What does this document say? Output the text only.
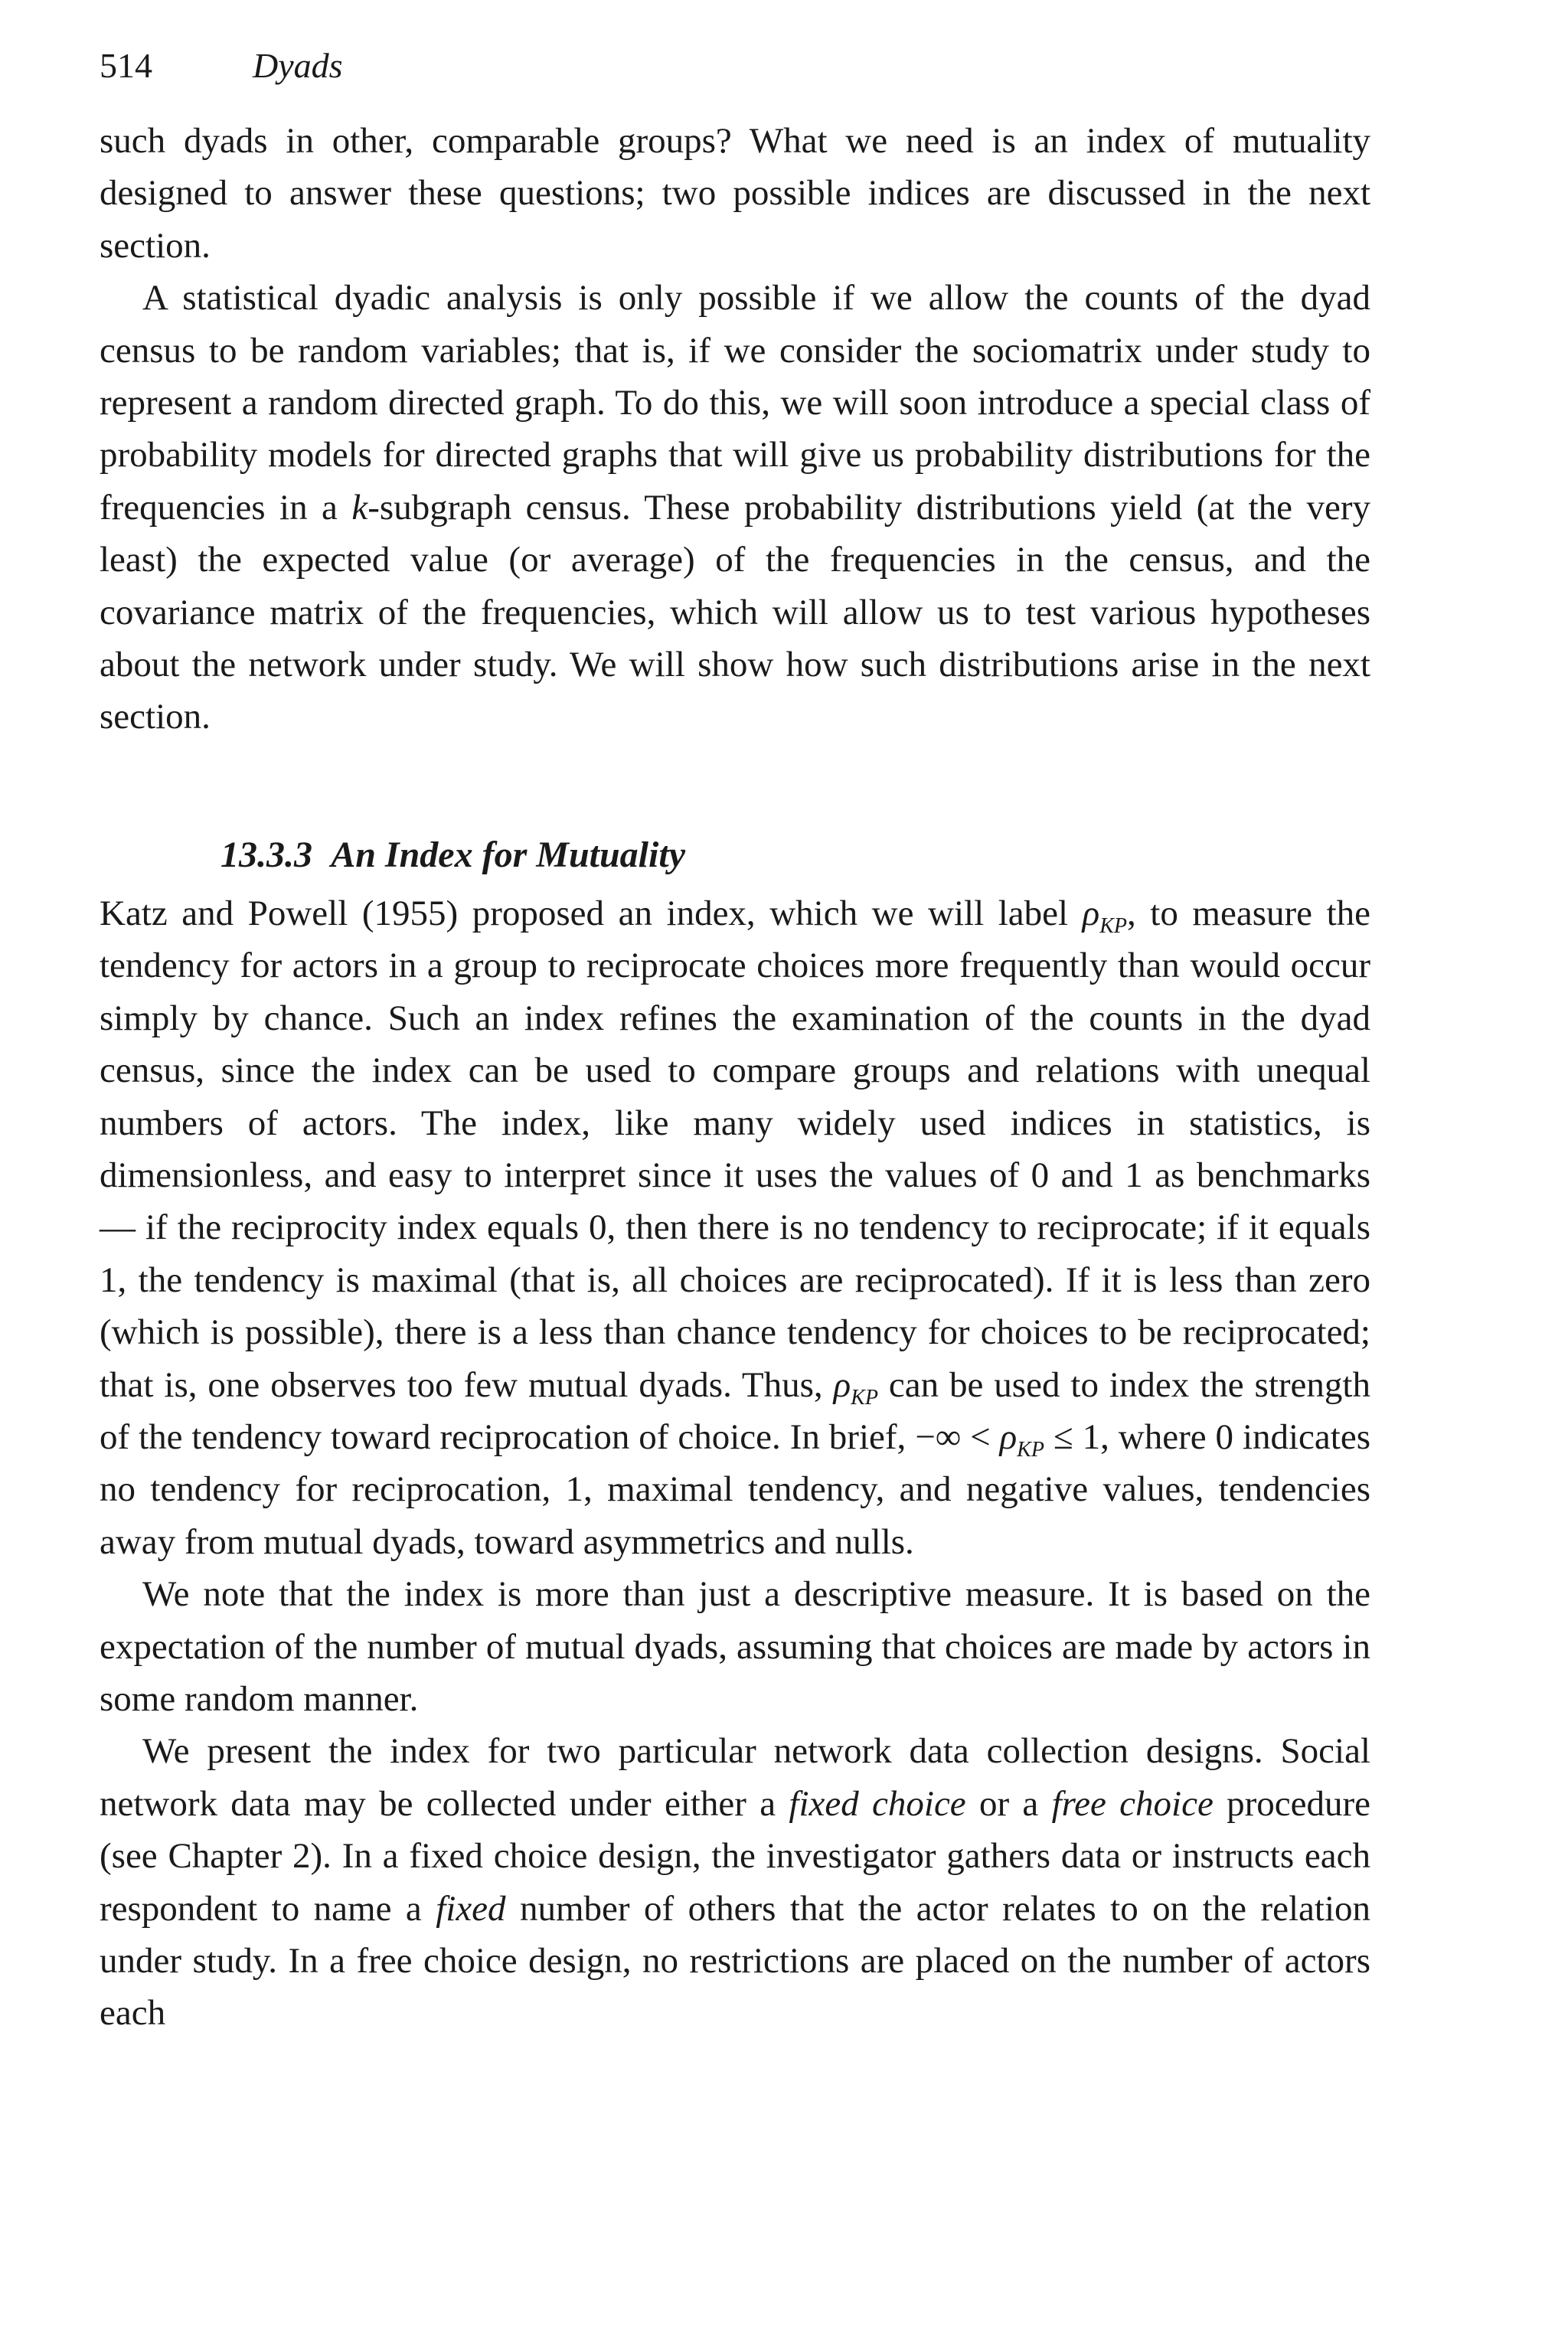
514	Dyads

such dyads in other, comparable groups? What we need is an index of mutuality designed to answer these questions; two possible indices are discussed in the next section.

A statistical dyadic analysis is only possible if we allow the counts of the dyad census to be random variables; that is, if we consider the sociomatrix under study to represent a random directed graph. To do this, we will soon introduce a special class of probability models for directed graphs that will give us probability distributions for the frequencies in a k-subgraph census. These probability distributions yield (at the very least) the expected value (or average) of the frequencies in the census, and the covariance matrix of the frequencies, which will allow us to test various hypotheses about the network under study. We will show how such distributions arise in the next section.

13.3.3 An Index for Mutuality

Katz and Powell (1955) proposed an index, which we will label $\rho_{KP}$, to measure the tendency for actors in a group to reciprocate choices more frequently than would occur simply by chance. Such an index refines the examination of the counts in the dyad census, since the index can be used to compare groups and relations with unequal numbers of actors. The index, like many widely used indices in statistics, is dimensionless, and easy to interpret since it uses the values of 0 and 1 as benchmarks — if the reciprocity index equals 0, then there is no tendency to reciprocate; if it equals 1, the tendency is maximal (that is, all choices are reciprocated). If it is less than zero (which is possible), there is a less than chance tendency for choices to be reciprocated; that is, one observes too few mutual dyads. Thus, $\rho_{KP}$ can be used to index the strength of the tendency toward reciprocation of choice. In brief, −∞ < $\rho_{KP} \le 1$, where 0 indicates no tendency for reciprocation, 1, maximal tendency, and negative values, tendencies away from mutual dyads, toward asymmetrics and nulls.

We note that the index is more than just a descriptive measure. It is based on the expectation of the number of mutual dyads, assuming that choices are made by actors in some random manner.

We present the index for two particular network data collection designs. Social network data may be collected under either a fixed choice or a free choice procedure (see Chapter 2). In a fixed choice design, the investigator gathers data or instructs each respondent to name a fixed number of others that the actor relates to on the relation under study. In a free choice design, no restrictions are placed on the number of actors each
